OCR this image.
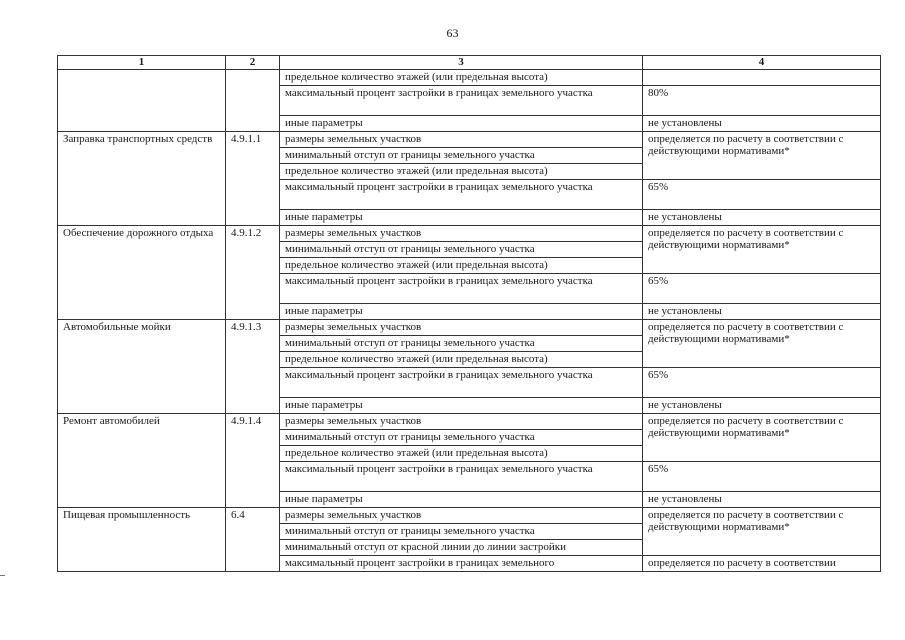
63
1	2	3	4
		предельное количество этажей (или предельная высота)	
		максимальный процент застройки в границах земельного участка	80%
		иные параметры	не установлены
Заправка транспортных средств	4.9.1.1	размеры земельных участков	определяется по расчету в соответствии с действующими нормативами*
		минимальный отступ от границы земельного участка	
		предельное количество этажей (или предельная высота)	
		максимальный процент застройки в границах земельного участка	65%
		иные параметры	не установлены
Обеспечение дорожного отдыха	4.9.1.2	размеры земельных участков	определяется по расчету в соответствии с действующими нормативами*
		минимальный отступ от границы земельного участка	
		предельное количество этажей (или предельная высота)	
		максимальный процент застройки в границах земельного участка	65%
		иные параметры	не установлены
Автомобильные мойки	4.9.1.3	размеры земельных участков	определяется по расчету в соответствии с действующими нормативами*
		минимальный отступ от границы земельного участка	
		предельное количество этажей (или предельная высота)	
		максимальный процент застройки в границах земельного участка	65%
		иные параметры	не установлены
Ремонт автомобилей	4.9.1.4	размеры земельных участков	определяется по расчету в соответствии с действующими нормативами*
		минимальный отступ от границы земельного участка	
		предельное количество этажей (или предельная высота)	
		максимальный процент застройки в границах земельного участка	65%
		иные параметры	не установлены
Пищевая промышленность	6.4	размеры земельных участков	определяется по расчету в соответствии с действующими нормативами*
		минимальный отступ от границы земельного участка	
		минимальный отступ от красной линии до линии застройки	
		максимальный процент застройки в границах земельного	определяется по расчету в соответствии
